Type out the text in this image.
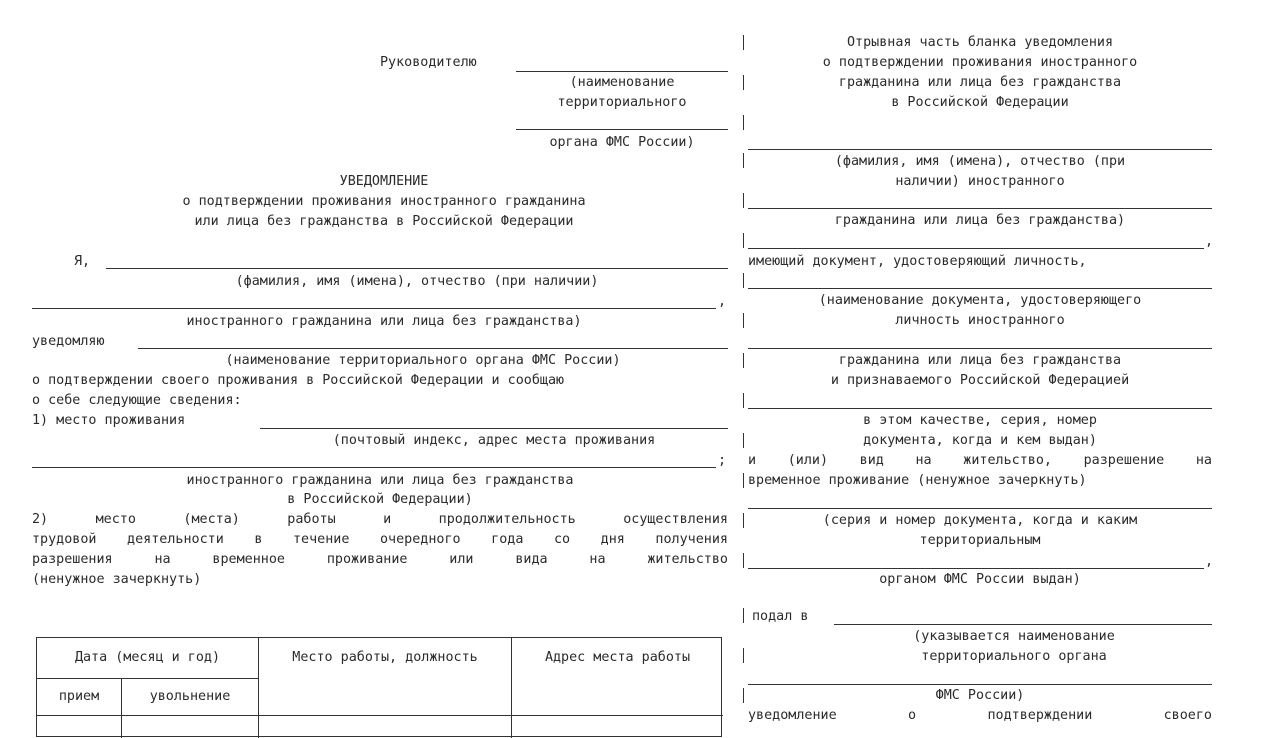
Руководителю
(наименование
территориального
органа ФМС России)
УВЕДОМЛЕНИЕ
о подтверждении проживания иностранного гражданина
или лица без гражданства в Российской Федерации
Я,
(фамилия, имя (имена), отчество (при наличии)
,
иностранного гражданина или лица без гражданства)
уведомляю
(наименование территориального органа ФМС России)
о подтверждении своего проживания в Российской Федерации и сообщаю
о себе следующие сведения:
1) место проживания
(почтовый индекс, адрес места проживания
;
иностранного гражданина или лица без гражданства
в Российской Федерации)
2) место (места) работы и продолжительность осуществления
трудовой деятельности в течение очередного года со дня получения
разрешения на временное проживание или вида на жительство
(ненужное зачеркнуть)
Дата (месяц и год)	Место работы, должность	Адрес места работы
прием	увольнение
Отрывная часть бланка уведомления
о подтверждении проживания иностранного
гражданина или лица без гражданства
в Российской Федерации
(фамилия, имя (имена), отчество (при
наличии) иностранного
гражданина или лица без гражданства)
,
имеющий документ, удостоверяющий личность,
(наименование документа, удостоверяющего
личность иностранного
гражданина или лица без гражданства
и признаваемого Российской Федерацией
в этом качестве, серия, номер
документа, когда и кем выдан)
и (или) вид на жительство, разрешение на
временное проживание (ненужное зачеркнуть)
(серия и номер документа, когда и каким
территориальным
,
органом ФМС России выдан)
подал в
(указывается наименование
территориального органа
ФМС России)
уведомление о подтверждении своего
